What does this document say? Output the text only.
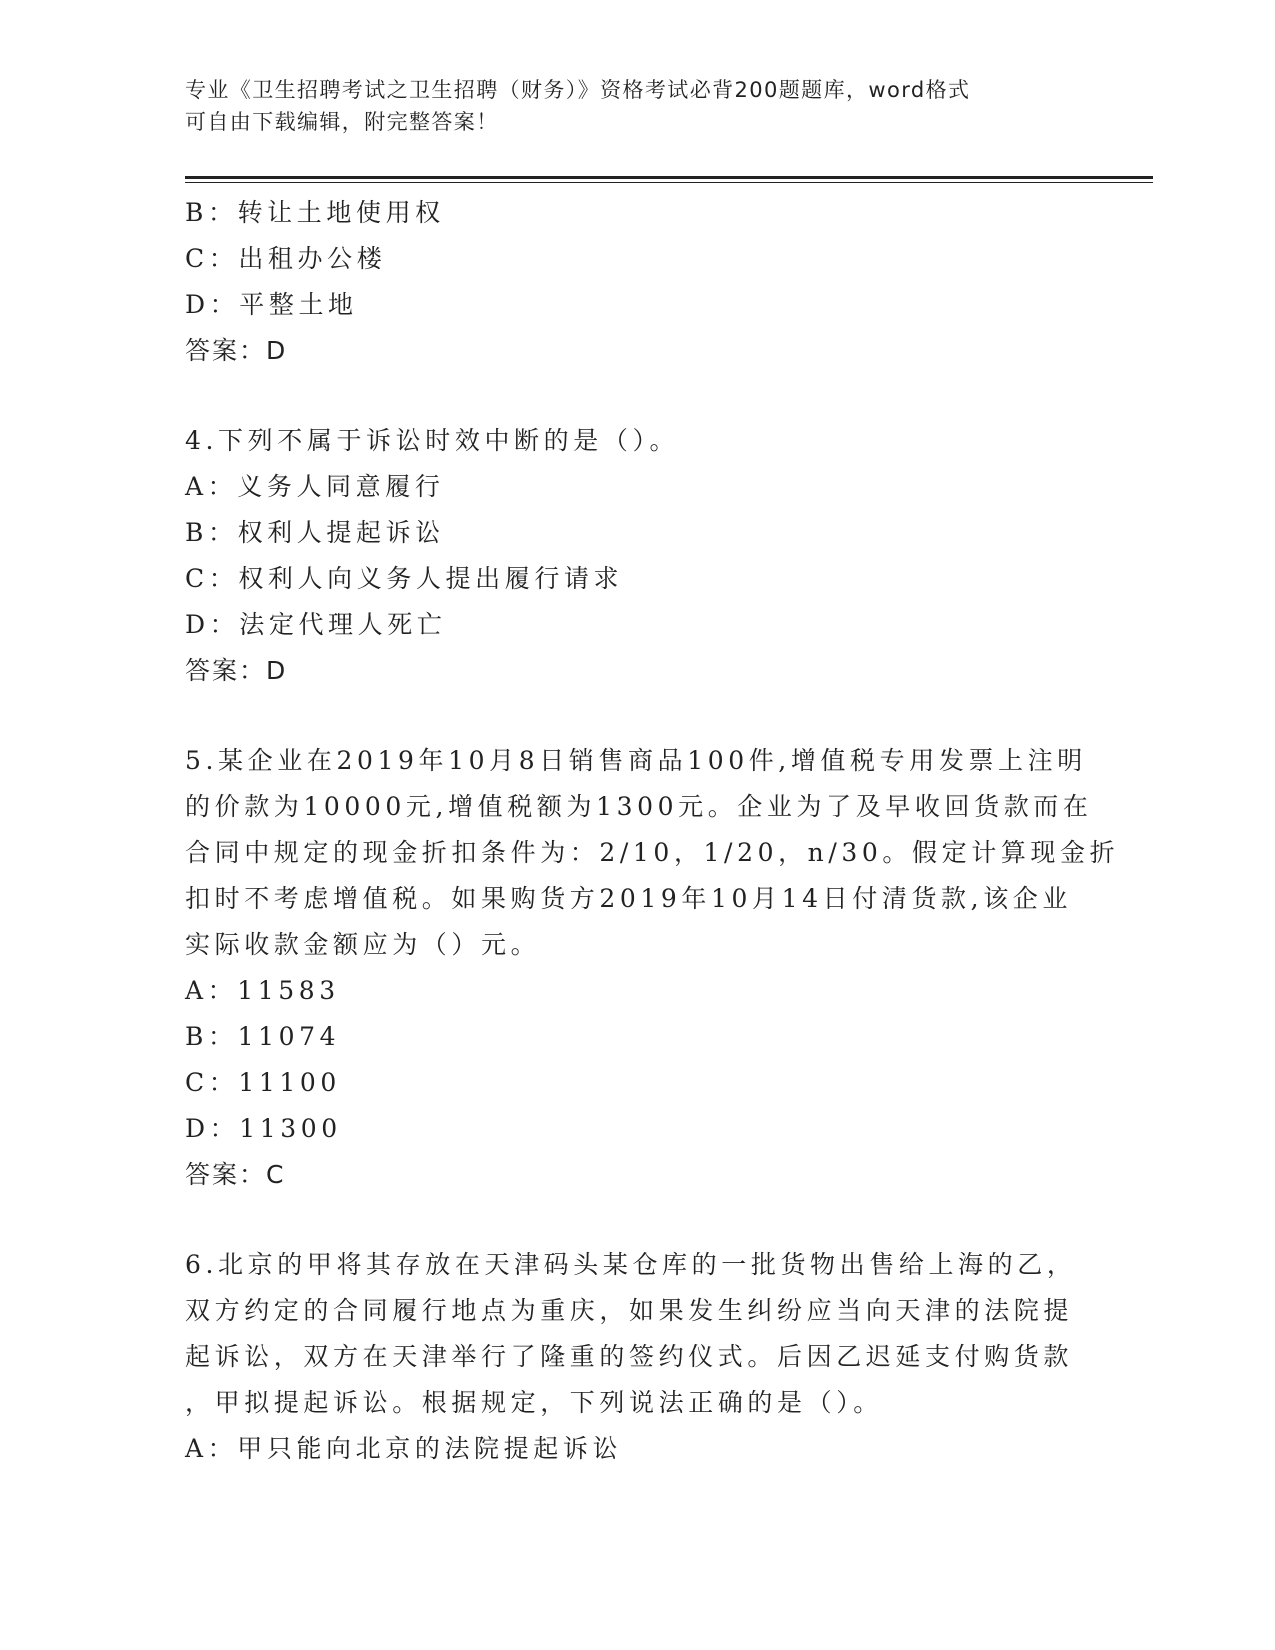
专业《卫生招聘考试之卫生招聘（财务）》资格考试必背200题题库，word格式
可自由下载编辑，附完整答案！
B：转让土地使用权
C：出租办公楼
D：平整土地
答案：D
4.下列不属于诉讼时效中断的是（）。
A：义务人同意履行
B：权利人提起诉讼
C：权利人向义务人提出履行请求
D：法定代理人死亡
答案：D
5.某企业在2019年10月8日销售商品100件,增值税专用发票上注明
的价款为10000元,增值税额为1300元。企业为了及早收回货款而在
合同中规定的现金折扣条件为：2/10，1/20，n/30。假定计算现金折
扣时不考虑增值税。如果购货方2019年10月14日付清货款,该企业
实际收款金额应为（）元。
A：11583
B：11074
C：11100
D：11300
答案：C
6.北京的甲将其存放在天津码头某仓库的一批货物出售给上海的乙，
双方约定的合同履行地点为重庆，如果发生纠纷应当向天津的法院提
起诉讼，双方在天津举行了隆重的签约仪式。后因乙迟延支付购货款
，甲拟提起诉讼。根据规定，下列说法正确的是（）。
A：甲只能向北京的法院提起诉讼
